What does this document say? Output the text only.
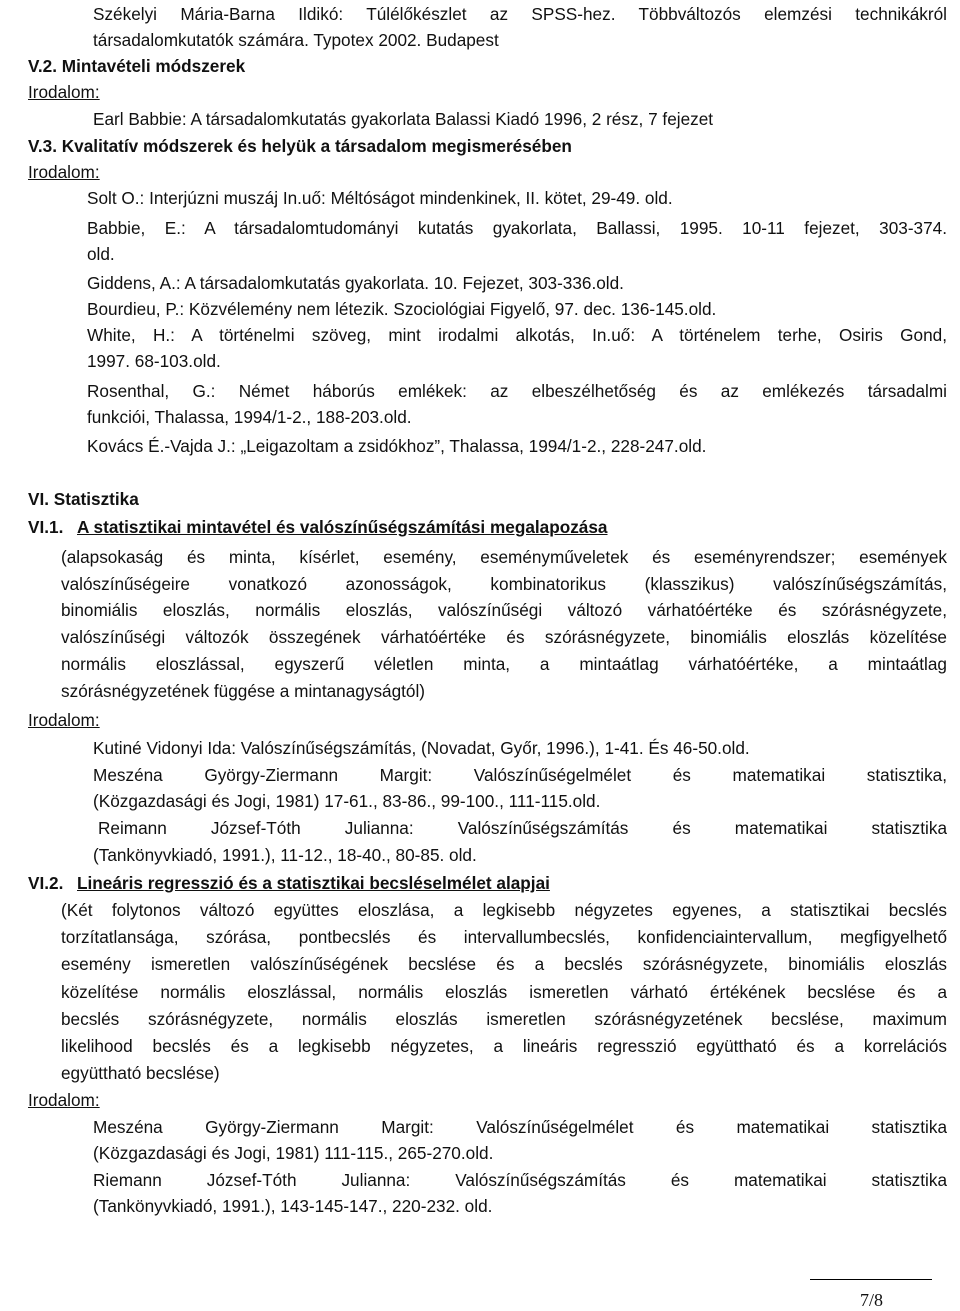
Székelyi Mária-Barna Ildikó: Túlélőkészlet az SPSS-hez. Többváltozós elemzési technikákról
társadalomkutatók számára. Typotex 2002. Budapest
V.2. Mintavételi módszerek
Irodalom:
Earl Babbie: A társadalomkutatás gyakorlata Balassi Kiadó 1996, 2 rész, 7 fejezet
V.3. Kvalitatív módszerek és helyük a társadalom megismerésében
Irodalom:
Solt O.: Interjúzni muszáj In.uő: Méltóságot mindenkinek, II. kötet, 29-49. old.
Babbie, E.: A társadalomtudományi kutatás gyakorlata, Ballassi, 1995. 10-11 fejezet, 303-374.
old.
Giddens, A.: A társadalomkutatás gyakorlata. 10. Fejezet, 303-336.old.
Bourdieu, P.: Közvélemény nem létezik. Szociológiai Figyelő, 97. dec. 136-145.old.
White, H.: A történelmi szöveg, mint irodalmi alkotás, In.uő: A történelem terhe, Osiris Gond,
1997. 68-103.old.
Rosenthal, G.: Német háborús emlékek: az elbeszélhetőség és az emlékezés társadalmi
funkciói, Thalassa, 1994/1-2., 188-203.old.
Kovács É.-Vajda J.: „Leigazoltam a zsidókhoz”, Thalassa, 1994/1-2., 228-247.old.
VI. Statisztika
VI.1. A statisztikai mintavétel és valószínűségszámítási megalapozása
(alapsokaság és minta, kísérlet, esemény, eseményműveletek és eseményrendszer; események
valószínűségeire vonatkozó azonosságok, kombinatorikus (klasszikus) valószínűségszámítás,
binomiális eloszlás, normális eloszlás, valószínűségi változó várhatóértéke és szórásnégyzete,
valószínűségi változók összegének várhatóértéke és szórásnégyzete, binomiális eloszlás közelítése
normális eloszlással, egyszerű véletlen minta, a mintaátlag várhatóértéke, a mintaátlag
szórásnégyzetének függése a mintanagyságtól)
Irodalom:
Kutiné Vidonyi Ida: Valószínűségszámítás, (Novadat, Győr, 1996.), 1-41. És 46-50.old.
Meszéna György-Ziermann Margit: Valószínűségelmélet és matematikai statisztika,
(Közgazdasági és Jogi, 1981) 17-61., 83-86., 99-100., 111-115.old.
Reimann József-Tóth Julianna: Valószínűségszámítás és matematikai statisztika
(Tankönyvkiadó, 1991.), 11-12., 18-40., 80-85. old.
VI.2. Lineáris regresszió és a statisztikai becsléselmélet alapjai
(Két folytonos változó együttes eloszlása, a legkisebb négyzetes egyenes, a statisztikai becslés
torzítatlansága, szórása, pontbecslés és intervallumbecslés, konfidenciaintervallum, megfigyelhető
esemény ismeretlen valószínűségének becslése és a becslés szórásnégyzete, binomiális eloszlás
közelítése normális eloszlással, normális eloszlás ismeretlen várható értékének becslése és a
becslés szórásnégyzete, normális eloszlás ismeretlen szórásnégyzetének becslése, maximum
likelihood becslés és a legkisebb négyzetes, a lineáris regresszió együttható és a korrelációs
együttható becslése)
Irodalom:
Meszéna György-Ziermann Margit: Valószínűségelmélet és matematikai statisztika
(Közgazdasági és Jogi, 1981) 111-115., 265-270.old.
Riemann József-Tóth Julianna: Valószínűségszámítás és matematikai statisztika
(Tankönyvkiadó, 1991.), 143-145-147., 220-232. old.
7/8
